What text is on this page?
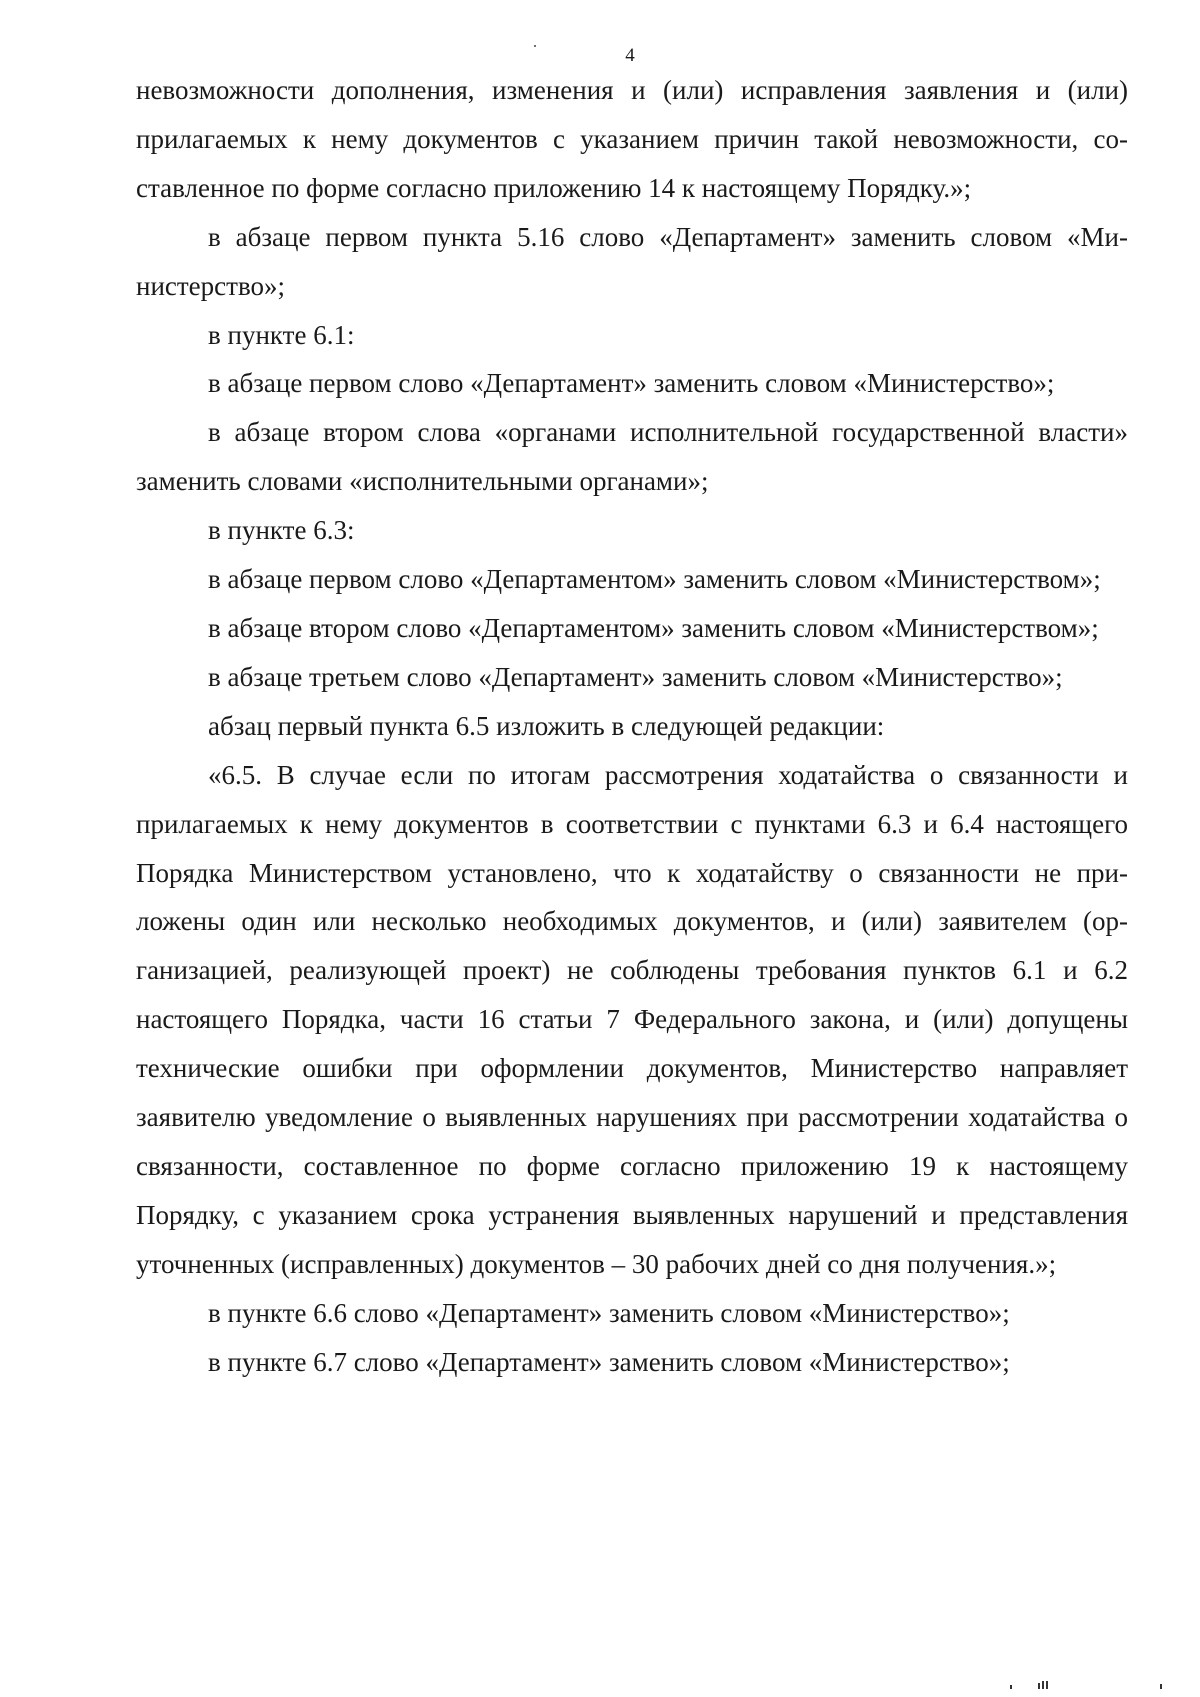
4

невозможности дополнения, изменения и (или) исправления заявления и (или) прилагаемых к нему документов с указанием причин такой невозможности, составленное по форме согласно приложению 14 к настоящему Порядку.»;

в абзаце первом пункта 5.16 слово «Департамент» заменить словом «Министерство»;

в пункте 6.1:

в абзаце первом слово «Департамент» заменить словом «Министерство»;

в абзаце втором слова «органами исполнительной государственной власти» заменить словами «исполнительными органами»;

в пункте 6.3:

в абзаце первом слово «Департаментом» заменить словом «Министерством»;

в абзаце втором слово «Департаментом» заменить словом «Министерством»;

в абзаце третьем слово «Департамент» заменить словом «Министерство»;

абзац первый пункта 6.5 изложить в следующей редакции:

«6.5. В случае если по итогам рассмотрения ходатайства о связанности и прилагаемых к нему документов в соответствии с пунктами 6.3 и 6.4 настоящего Порядка Министерством установлено, что к ходатайству о связанности не приложены один или несколько необходимых документов, и (или) заявителем (организацией, реализующей проект) не соблюдены требования пунктов 6.1 и 6.2 настоящего Порядка, части 16 статьи 7 Федерального закона, и (или) допущены технические ошибки при оформлении документов, Министерство направляет заявителю уведомление о выявленных нарушениях при рассмотрении ходатайства о связанности, составленное по форме согласно приложению 19 к настоящему Порядку, с указанием срока устранения выявленных нарушений и представления уточненных (исправленных) документов – 30 рабочих дней со дня получения.»;

в пункте 6.6 слово «Департамент» заменить словом «Министерство»;

в пункте 6.7 слово «Департамент» заменить словом «Министерство»;
